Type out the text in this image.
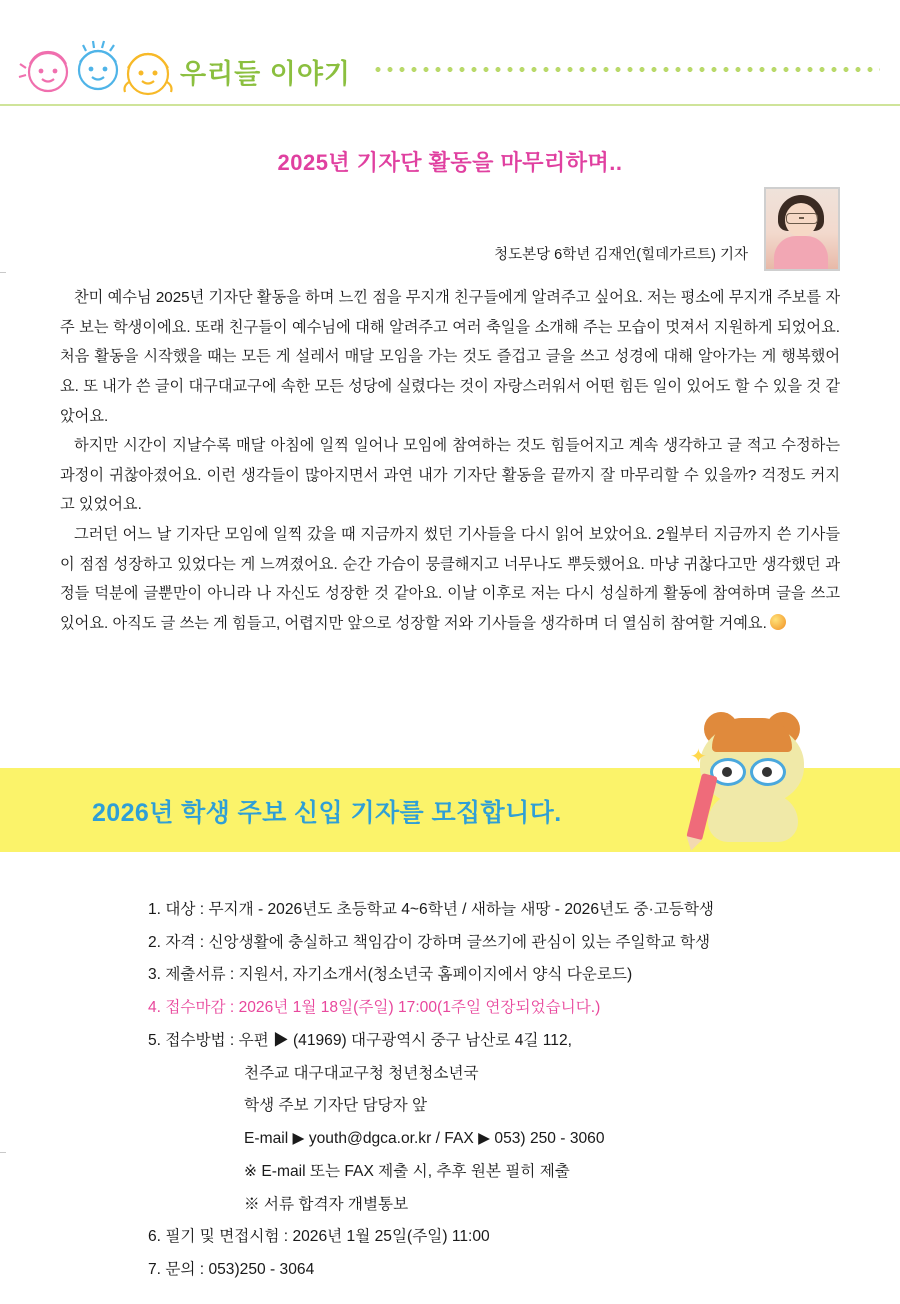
우리들 이야기
2025년 기자단 활동을 마무리하며..
청도본당 6학년 김재언(힐데가르트) 기자

찬미 예수님 2025년 기자단 활동을 하며 느낀 점을 무지개 친구들에게 알려주고 싶어요. 저는 평소에 무지개 주보를 자주 보는 학생이에요. 또래 친구들이 예수님에 대해 알려주고 여러 축일을 소개해 주는 모습이 멋져서 지원하게 되었어요. 처음 활동을 시작했을 때는 모든 게 설레서 매달 모임을 가는 것도 즐겁고 글을 쓰고 성경에 대해 알아가는 게 행복했어요. 또 내가 쓴 글이 대구대교구에 속한 모든 성당에 실렸다는 것이 자랑스러워서 어떤 힘든 일이 있어도 할 수 있을 것 같았어요.

하지만 시간이 지날수록 매달 아침에 일찍 일어나 모임에 참여하는 것도 힘들어지고 계속 생각하고 글 적고 수정하는 과정이 귀찮아졌어요. 이런 생각들이 많아지면서 과연 내가 기자단 활동을 끝까지 잘 마무리할 수 있을까? 걱정도 커지고 있었어요.

그러던 어느 날 기자단 모임에 일찍 갔을 때 지금까지 썼던 기사들을 다시 읽어 보았어요. 2월부터 지금까지 쓴 기사들이 점점 성장하고 있었다는 게 느껴졌어요. 순간 가슴이 뭉클해지고 너무나도 뿌듯했어요. 마냥 귀찮다고만 생각했던 과정들 덕분에 글뿐만이 아니라 나 자신도 성장한 것 같아요. 이날 이후로 저는 다시 성실하게 활동에 참여하며 글을 쓰고 있어요. 아직도 글 쓰는 게 힘들고, 어렵지만 앞으로 성장할 저와 기사들을 생각하며 더 열심히 참여할 거예요.

2026년 학생 주보 신입 기자를 모집합니다.
✦
1. 대상 : 무지개 - 2026년도 초등학교 4~6학년 / 새하늘 새땅 - 2026년도 중·고등학생
2. 자격 : 신앙생활에 충실하고 책임감이 강하며 글쓰기에 관심이 있는 주일학교 학생
3. 제출서류 : 지원서, 자기소개서(청소년국 홈페이지에서 양식 다운로드)
4. 접수마감 : 2026년 1월 18일(주일) 17:00(1주일 연장되었습니다.)
5. 접수방법 : 우편 ▶ (41969) 대구광역시 중구 남산로 4길 112,
천주교 대구대교구청 청년청소년국
학생 주보 기자단 담당자 앞
E-mail ▶ youth@dgca.or.kr / FAX ▶ 053) 250 - 3060
※ E-mail 또는 FAX 제출 시, 추후 원본 필히 제출
※ 서류 합격자 개별통보
6. 필기 및 면접시험 : 2026년 1월 25일(주일) 11:00
7. 문의 : 053)250 - 3064
